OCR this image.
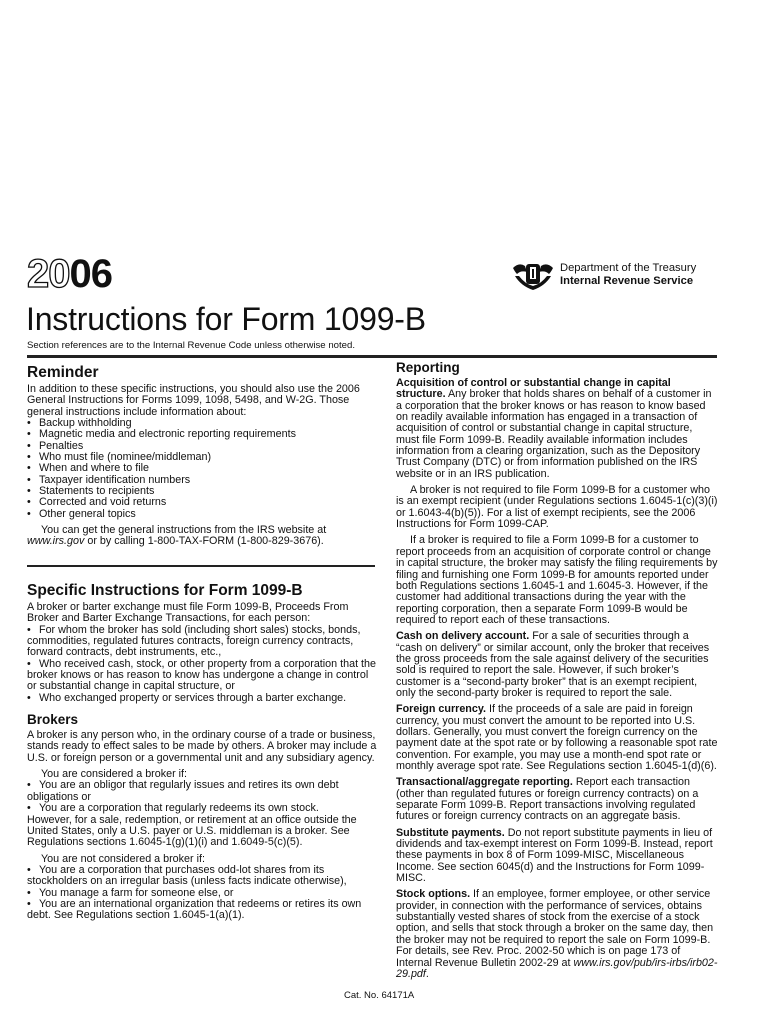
2006	Department of the Treasury
Internal Revenue Service
Instructions for Form 1099-B
Section references are to the Internal Revenue Code unless otherwise noted.
Reminder

In addition to these specific instructions, you should also use the 2006 General Instructions for Forms 1099, 1098, 5498, and W-2G. Those general instructions include information about:

• Backup withholding
• Magnetic media and electronic reporting requirements
• Penalties
• Who must file (nominee/middleman)
• When and where to file
• Taxpayer identification numbers
• Statements to recipients
• Corrected and void returns
• Other general topics

You can get the general instructions from the IRS website at www.irs.gov or by calling 1-800-TAX-FORM (1-800-829-3676).

Specific Instructions for Form 1099-B

A broker or barter exchange must file Form 1099-B, Proceeds From Broker and Barter Exchange Transactions, for each person:

• For whom the broker has sold (including short sales) stocks, bonds, commodities, regulated futures contracts, foreign currency contracts, forward contracts, debt instruments, etc.,
• Who received cash, stock, or other property from a corporation that the broker knows or has reason to know has undergone a change in control or substantial change in capital structure, or
• Who exchanged property or services through a barter exchange.
Brokers

A broker is any person who, in the ordinary course of a trade or business, stands ready to effect sales to be made by others. A broker may include a U.S. or foreign person or a governmental unit and any subsidiary agency.

You are considered a broker if:

• You are an obligor that regularly issues and retires its own debt obligations or
• You are a corporation that regularly redeems its own stock.

However, for a sale, redemption, or retirement at an office outside the United States, only a U.S. payer or U.S. middleman is a broker. See Regulations sections 1.6045-1(g)(1)(i) and 1.6049-5(c)(5).

You are not considered a broker if:

• You are a corporation that purchases odd-lot shares from its stockholders on an irregular basis (unless facts indicate otherwise),
• You manage a farm for someone else, or
• You are an international organization that redeems or retires its own debt. See Regulations section 1.6045-1(a)(1).
Reporting

Acquisition of control or substantial change in capital structure. Any broker that holds shares on behalf of a customer in a corporation that the broker knows or has reason to know based on readily available information has engaged in a transaction of acquisition of control or substantial change in capital structure, must file Form 1099-B. Readily available information includes information from a clearing organization, such as the Depository Trust Company (DTC) or from information published on the IRS website or in an IRS publication.

A broker is not required to file Form 1099-B for a customer who is an exempt recipient (under Regulations sections 1.6045-1(c)(3)(i) or 1.6043-4(b)(5)). For a list of exempt recipients, see the 2006 Instructions for Form 1099-CAP.

If a broker is required to file a Form 1099-B for a customer to report proceeds from an acquisition of corporate control or change in capital structure, the broker may satisfy the filing requirements by filing and furnishing one Form 1099-B for amounts reported under both Regulations sections 1.6045-1 and 1.6045-3. However, if the customer had additional transactions during the year with the reporting corporation, then a separate Form 1099-B would be required to report each of these transactions.

Cash on delivery account. For a sale of securities through a “cash on delivery” or similar account, only the broker that receives the gross proceeds from the sale against delivery of the securities sold is required to report the sale. However, if such broker’s customer is a “second-party broker” that is an exempt recipient, only the second-party broker is required to report the sale.

Foreign currency. If the proceeds of a sale are paid in foreign currency, you must convert the amount to be reported into U.S. dollars. Generally, you must convert the foreign currency on the payment date at the spot rate or by following a reasonable spot rate convention. For example, you may use a month-end spot rate or monthly average spot rate. See Regulations section 1.6045-1(d)(6).

Transactional/aggregate reporting. Report each transaction (other than regulated futures or foreign currency contracts) on a separate Form 1099-B. Report transactions involving regulated futures or foreign currency contracts on an aggregate basis.

Substitute payments. Do not report substitute payments in lieu of dividends and tax-exempt interest on Form 1099-B. Instead, report these payments in box 8 of Form 1099-MISC, Miscellaneous Income. See section 6045(d) and the Instructions for Form 1099-MISC.

Stock options. If an employee, former employee, or other service provider, in connection with the performance of services, obtains substantially vested shares of stock from the exercise of a stock option, and sells that stock through a broker on the same day, then the broker may not be required to report the sale on Form 1099-B. For details, see Rev. Proc. 2002-50 which is on page 173 of Internal Revenue Bulletin 2002-29 at www.irs.gov/pub/irs-irbs/irb02-29.pdf.

Cat. No. 64171A
